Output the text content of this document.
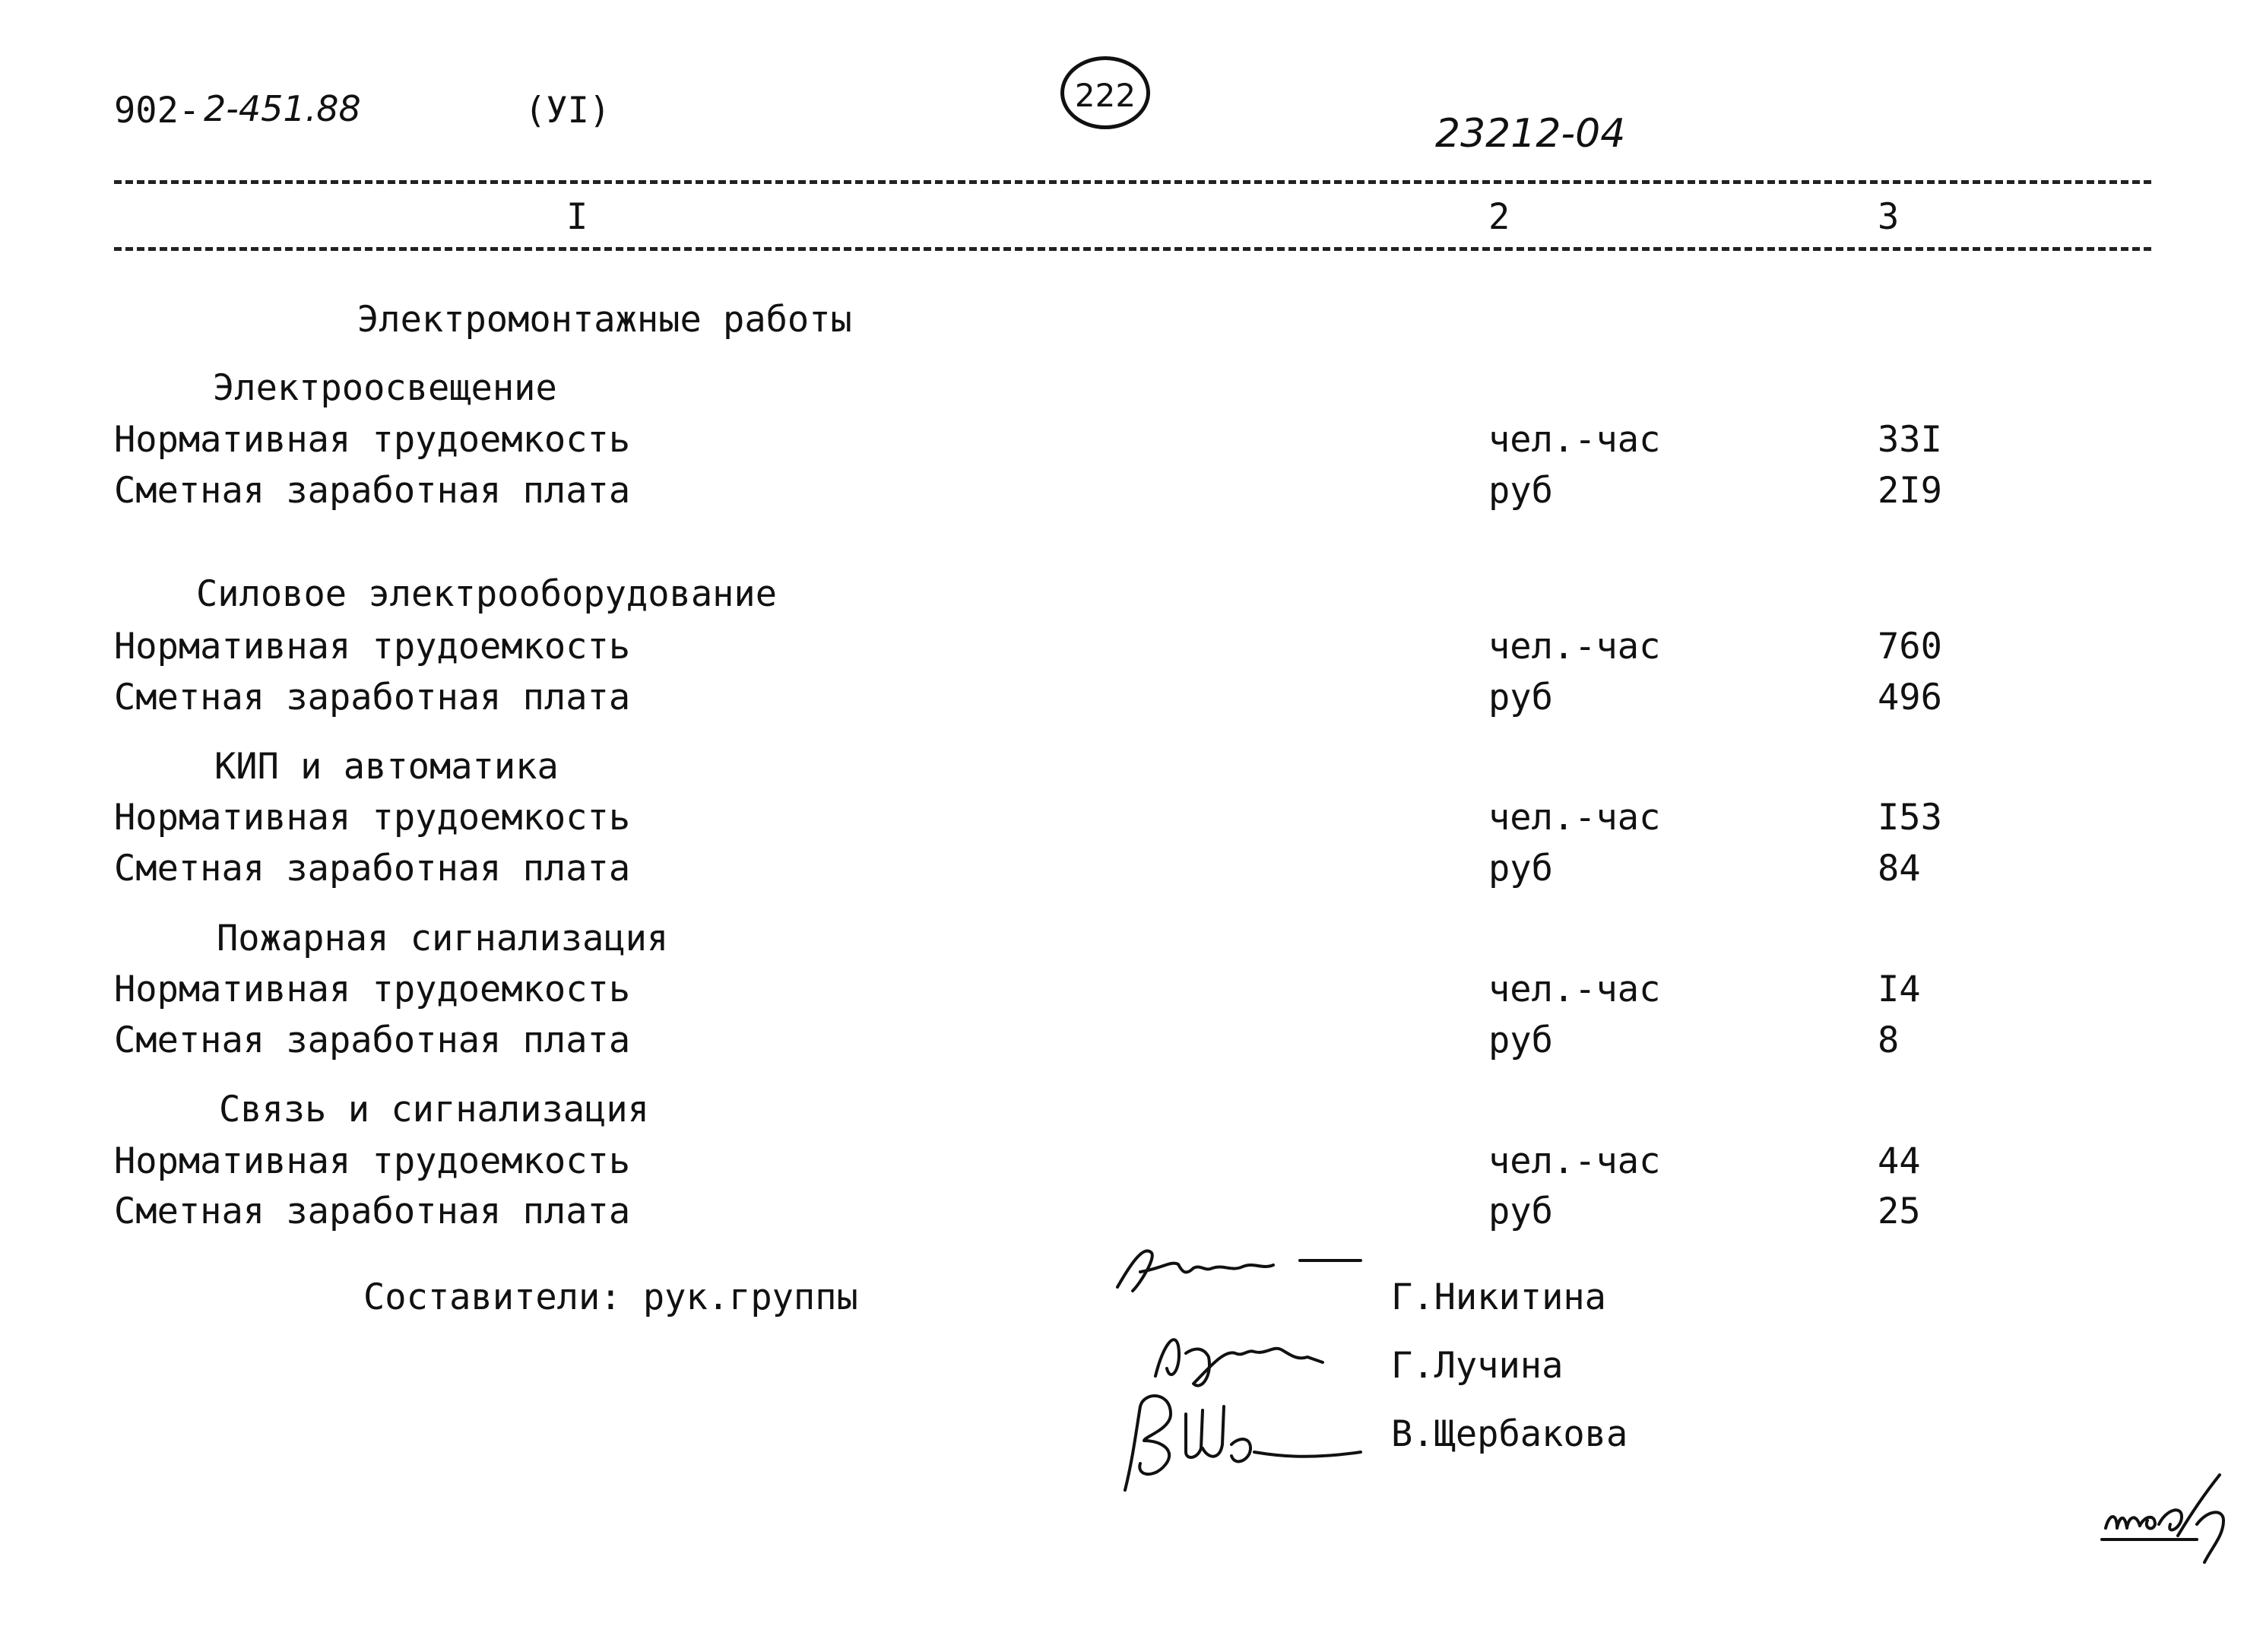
902- 2-451.88	(УI)	222
23212-04
I	2	3
Электромонтажные работы
Электроосвещение
Нормативная трудоемкость	чел.-час	33I
Сметная заработная плата	руб	2I9
Силовое электрооборудование
Нормативная трудоемкость	чел.-час	760
Сметная заработная плата	руб	496
КИП и автоматика
Нормативная трудоемкость	чел.-час	I53
Сметная заработная плата	руб	84
Пожарная сигнализация
Нормативная трудоемкость	чел.-час	I4
Сметная заработная плата	руб	8
Связь и сигнализация
Нормативная трудоемкость	чел.-час	44
Сметная заработная плата	руб	25
Составители: рук.группы	Г.Никитина
Г.Лучина
В.Щербакова
